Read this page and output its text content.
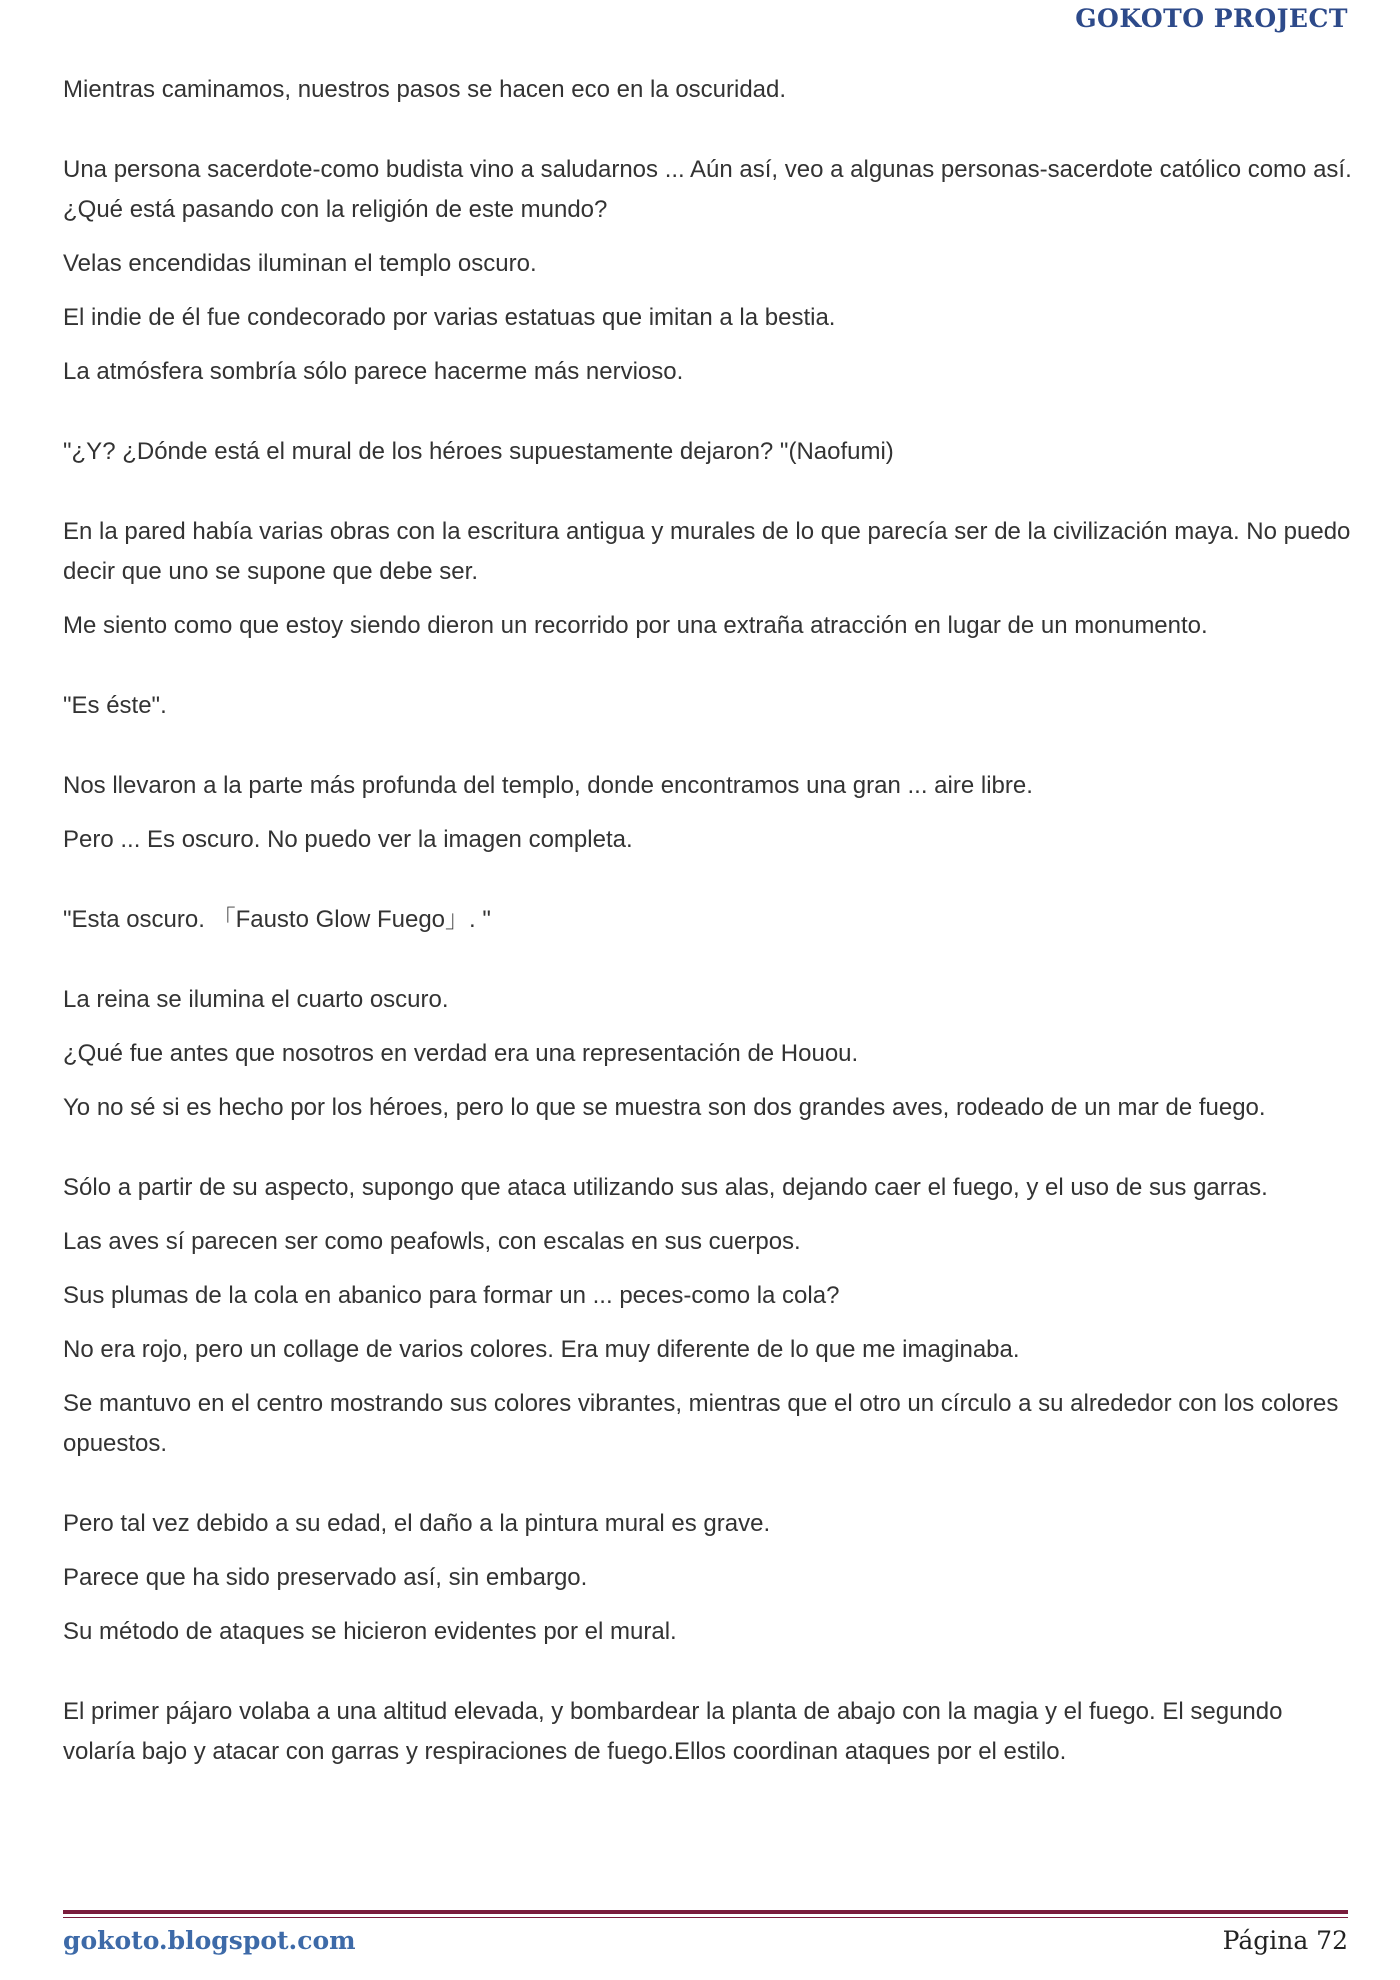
GOKOTO PROJECT

Mientras caminamos, nuestros pasos se hacen eco en la oscuridad.

Una persona sacerdote-como budista vino a saludarnos ... Aún así, veo a algunas personas-sacerdote católico como así. ¿Qué está pasando con la religión de este mundo?

Velas encendidas iluminan el templo oscuro.

El indie de él fue condecorado por varias estatuas que imitan a la bestia.

La atmósfera sombría sólo parece hacerme más nervioso.

"¿Y? ¿Dónde está el mural de los héroes supuestamente dejaron? "(Naofumi)

En la pared había varias obras con la escritura antigua y murales de lo que parecía ser de la civilización maya. No puedo decir que uno se supone que debe ser.

Me siento como que estoy siendo dieron un recorrido por una extraña atracción en lugar de un monumento.

"Es éste".

Nos llevaron a la parte más profunda del templo, donde encontramos una gran ... aire libre.

Pero ... Es oscuro. No puedo ver la imagen completa.

"Esta oscuro. 「Fausto Glow Fuego」. "

La reina se ilumina el cuarto oscuro.

¿Qué fue antes que nosotros en verdad era una representación de Houou.

Yo no sé si es hecho por los héroes, pero lo que se muestra son dos grandes aves, rodeado de un mar de fuego.

Sólo a partir de su aspecto, supongo que ataca utilizando sus alas, dejando caer el fuego, y el uso de sus garras.

Las aves sí parecen ser como peafowls, con escalas en sus cuerpos.

Sus plumas de la cola en abanico para formar un ... peces-como la cola?

No era rojo, pero un collage de varios colores. Era muy diferente de lo que me imaginaba.

Se mantuvo en el centro mostrando sus colores vibrantes, mientras que el otro un círculo a su alrededor con los colores opuestos.

Pero tal vez debido a su edad, el daño a la pintura mural es grave.

Parece que ha sido preservado así, sin embargo.

Su método de ataques se hicieron evidentes por el mural.

El primer pájaro volaba a una altitud elevada, y bombardear la planta de abajo con la magia y el fuego. El segundo volaría bajo y atacar con garras y respiraciones de fuego.Ellos coordinan ataques por el estilo.

gokoto.blogspot.com	Página 72
